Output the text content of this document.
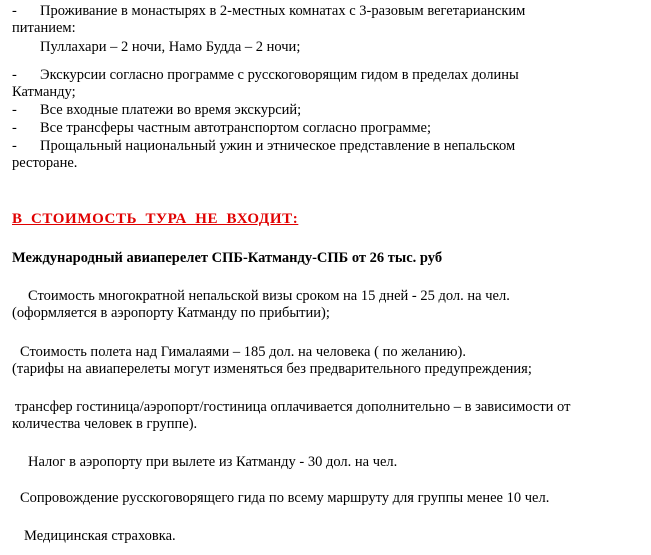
- Проживание в монастырях в 2-местных комнатах с 3-разовым вегетарианским
питанием:
Пуллахари – 2 ночи, Намо Будда – 2 ночи;
- Экскурсии согласно программе с русскоговорящим гидом в пределах долины
Катманду;
- Все входные платежи во время экскурсий;
- Все трансферы частным автотранспортом согласно программе;
- Прощальный национальный ужин и этническое представление в непальском
ресторане.
В СТОИМОСТЬ ТУРА НЕ ВХОДИТ:
Международный авиаперелет СПБ-Катманду-СПБ от 26 тыс. руб
Стоимость многократной непальской визы сроком на 15 дней - 25 дол. на чел.
(оформляется в аэропорту Катманду по прибытии);
Стоимость полета над Гималаями – 185 дол. на человека ( по желанию).
(тарифы на авиаперелеты могут изменяться без предварительного предупреждения;
трансфер гостиница/аэропорт/гостиница оплачивается дополнительно – в зависимости от
количества человек в группе).
Налог в аэропорту при вылете из Катманду - 30 дол. на чел.
Сопровождение русскоговорящего гида по всему маршруту для группы менее 10 чел.
Медицинская страховка.
